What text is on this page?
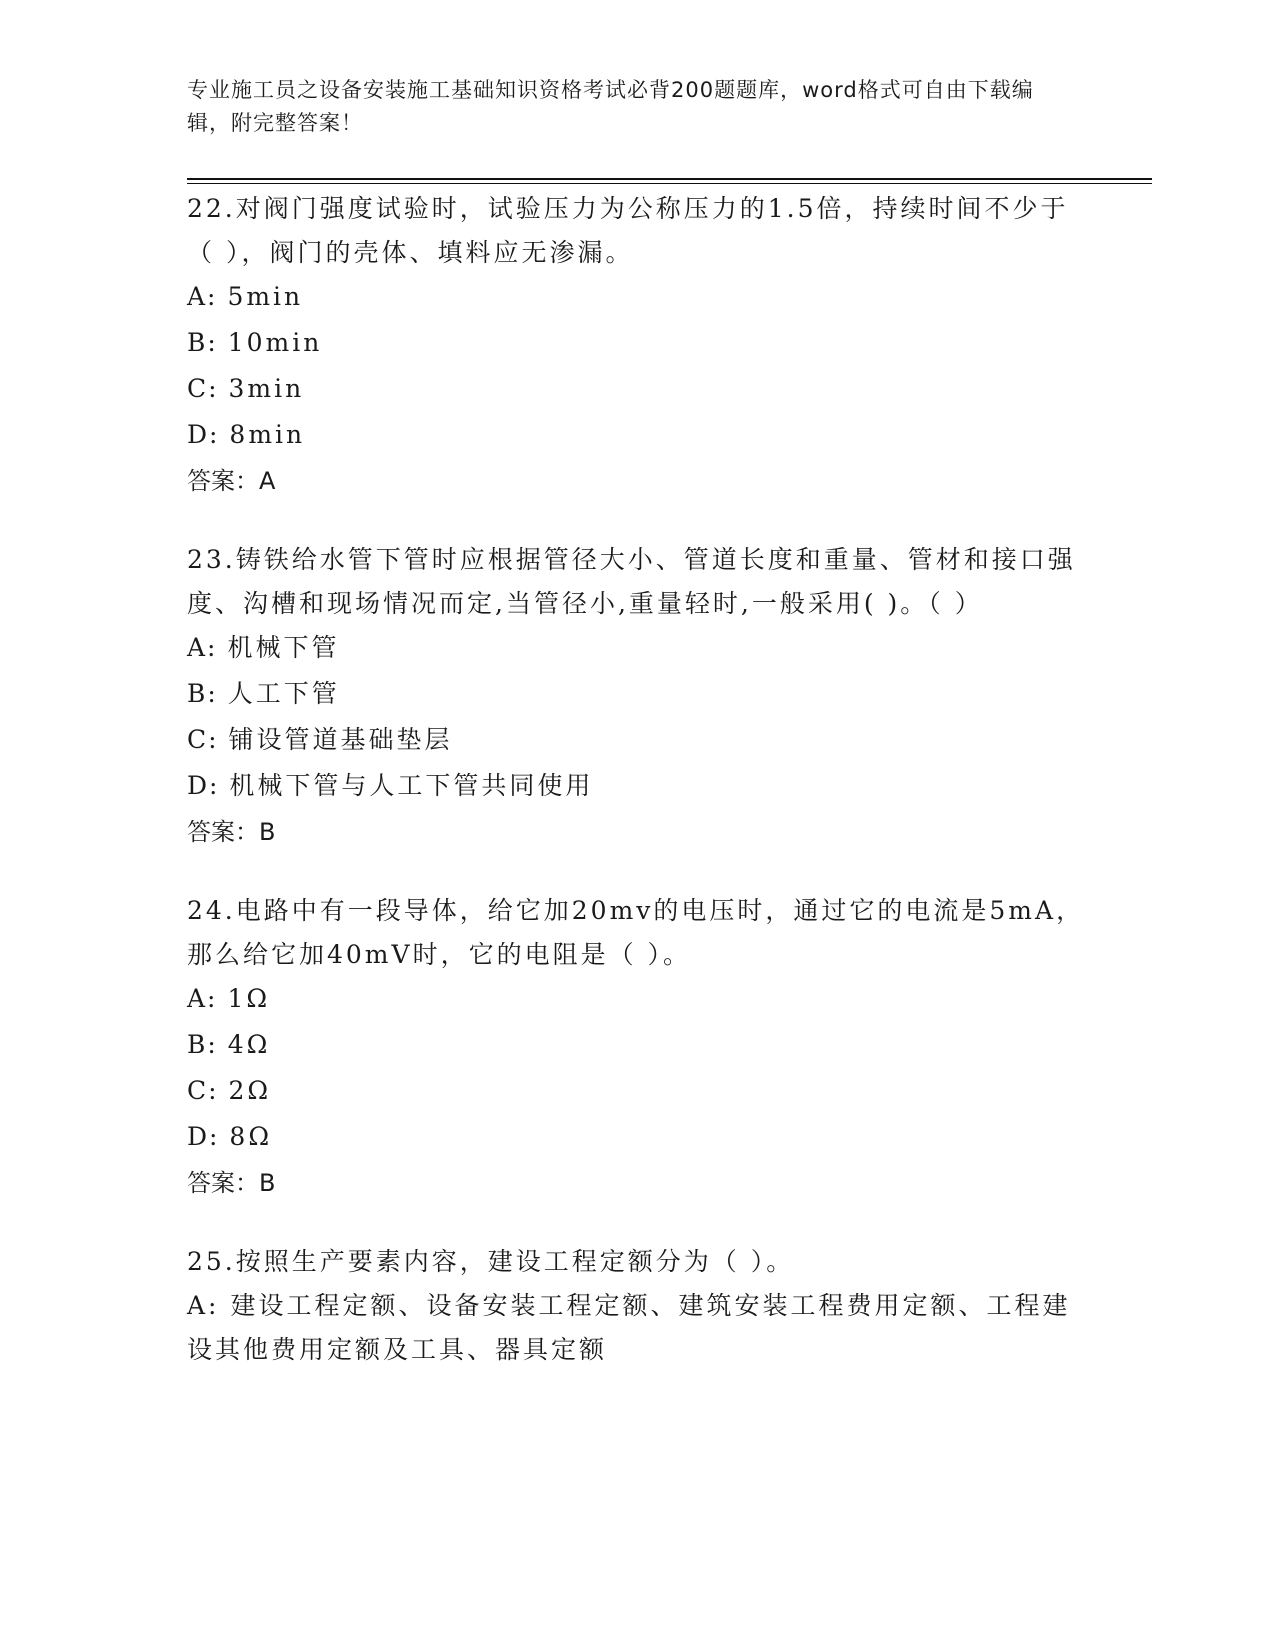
专业施工员之设备安装施工基础知识资格考试必背200题题库，word格式可自由下载编辑，附完整答案！

22.对阀门强度试验时，试验压力为公称压力的1.5倍，持续时间不少于（ ），阀门的壳体、填料应无渗漏。

A: 5min
B: 10min
C: 3min
D: 8min
答案：A

23.铸铁给水管下管时应根据管径大小、管道长度和重量、管材和接口强度、沟槽和现场情况而定,当管径小,重量轻时,一般采用( )。（ ）

A: 机械下管
B: 人工下管
C: 铺设管道基础垫层
D: 机械下管与人工下管共同使用
答案：B

24.电路中有一段导体，给它加20mv的电压时，通过它的电流是5mA，那么给它加40mV时，它的电阻是（ ）。

A: 1Ω
B: 4Ω
C: 2Ω
D: 8Ω
答案：B

25.按照生产要素内容，建设工程定额分为（ ）。

A: 建设工程定额、设备安装工程定额、建筑安装工程费用定额、工程建设其他费用定额及工具、器具定额
